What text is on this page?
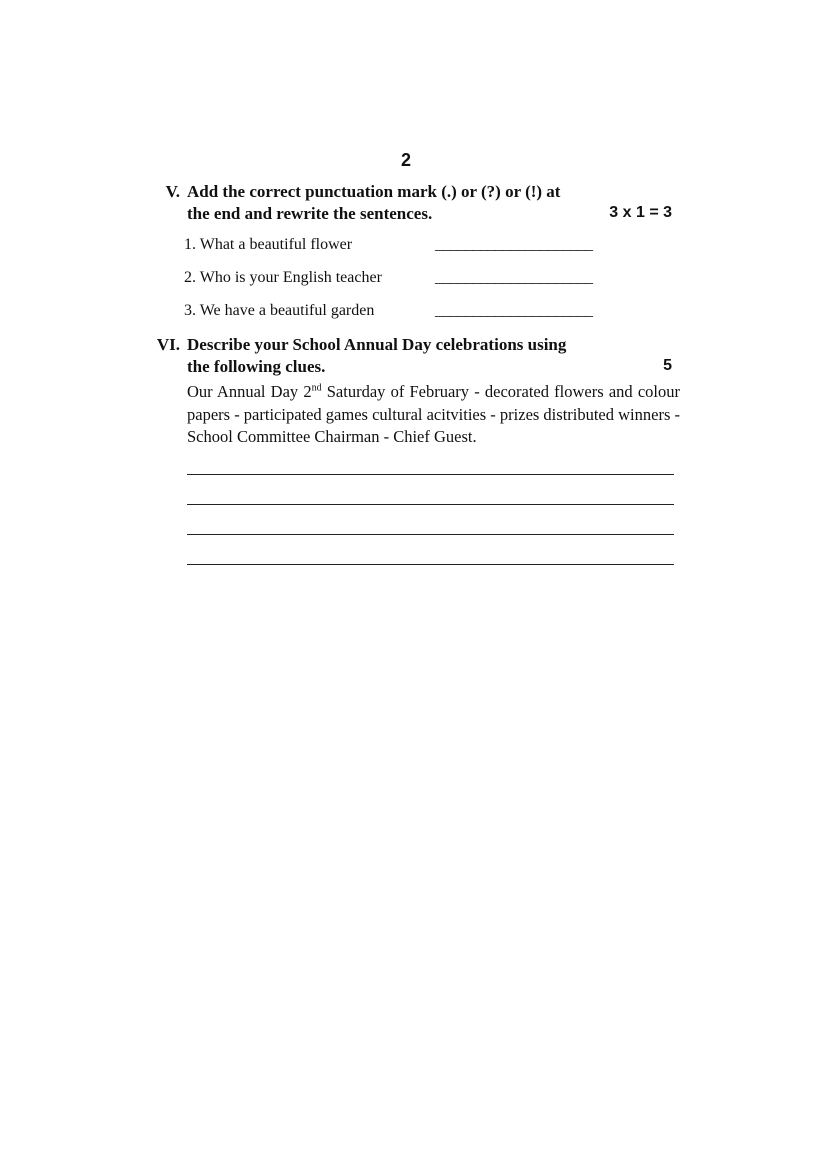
2
V. Add the correct punctuation mark (.) or (?) or (!) at
the end and rewrite the sentences.	3 x 1 = 3
1. What a beautiful flower	_____________________
2. Who is your English teacher	_____________________
3. We have a beautiful garden	_____________________
VI. Describe your School Annual Day celebrations using
the following clues.	5
Our Annual Day 2nd Saturday of February - decorated flowers and colour papers - participated games cultural acitvities - prizes distributed winners - School Committee Chairman - Chief Guest.
